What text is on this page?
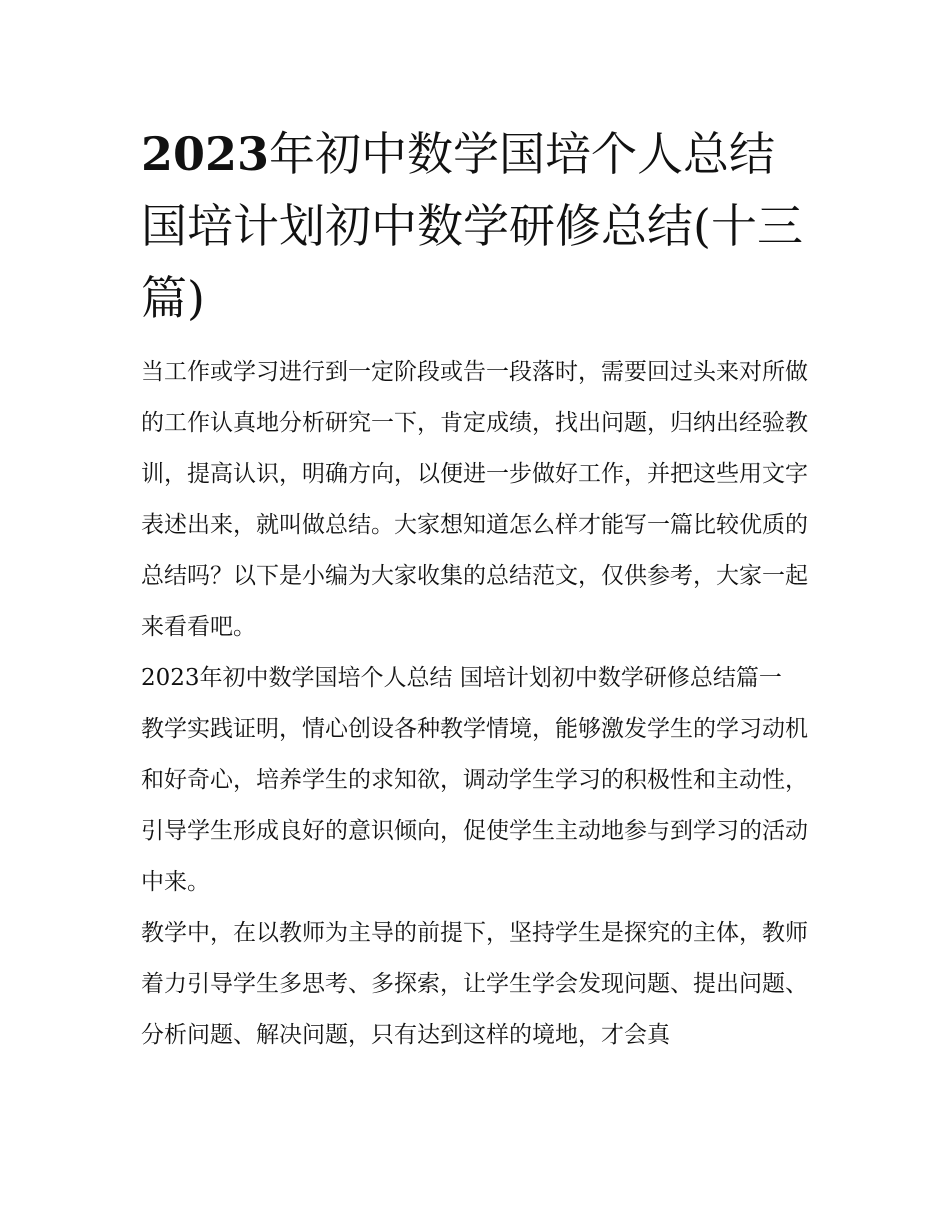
2023年初中数学国培个人总结国培计划初中数学研修总结(十三篇)

当工作或学习进行到一定阶段或告一段落时，需要回过头来对所做的工作认真地分析研究一下，肯定成绩，找出问题，归纳出经验教训，提高认识，明确方向，以便进一步做好工作，并把这些用文字表述出来，就叫做总结。大家想知道怎么样才能写一篇比较优质的总结吗？以下是小编为大家收集的总结范文，仅供参考，大家一起来看看吧。

2023年初中数学国培个人总结 国培计划初中数学研修总结篇一

教学实践证明，情心创设各种教学情境，能够激发学生的学习动机和好奇心，培养学生的求知欲，调动学生学习的积极性和主动性，引导学生形成良好的意识倾向，促使学生主动地参与到学习的活动中来。

教学中，在以教师为主导的前提下，坚持学生是探究的主体，教师着力引导学生多思考、多探索，让学生学会发现问题、提出问题、分析问题、解决问题，只有达到这样的境地，才会真
